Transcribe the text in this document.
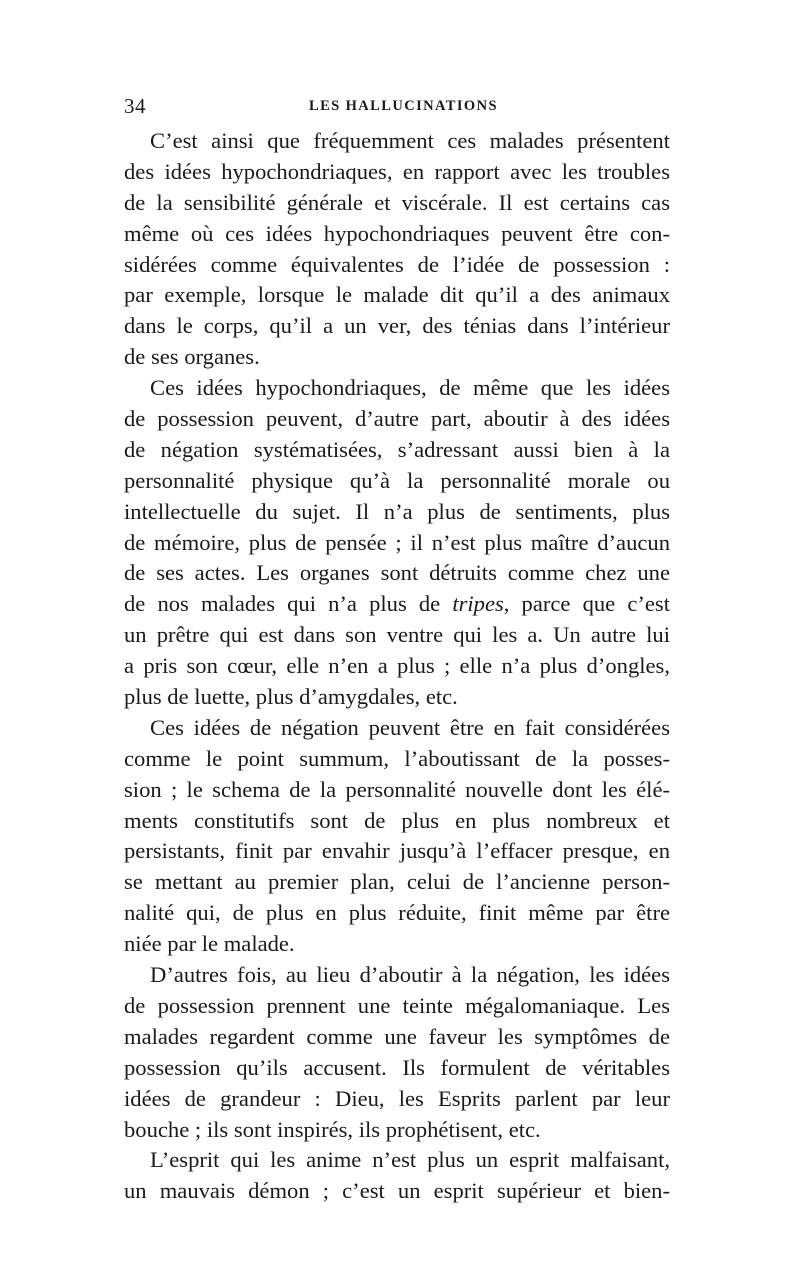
34	LES HALLUCINATIONS
C’est ainsi que fréquemment ces malades présentent
des idées hypochondriaques, en rapport avec les troubles
de la sensibilité générale et viscérale. Il est certains cas
même où ces idées hypochondriaques peuvent être con-
sidérées comme équivalentes de l’idée de possession :
par exemple, lorsque le malade dit qu’il a des animaux
dans le corps, qu’il a un ver, des ténias dans l’intérieur
de ses organes.
Ces idées hypochondriaques, de même que les idées
de possession peuvent, d’autre part, aboutir à des idées
de négation systématisées, s’adressant aussi bien à la
personnalité physique qu’à la personnalité morale ou
intellectuelle du sujet. Il n’a plus de sentiments, plus
de mémoire, plus de pensée ; il n’est plus maître d’aucun
de ses actes. Les organes sont détruits comme chez une
de nos malades qui n’a plus de tripes, parce que c’est
un prêtre qui est dans son ventre qui les a. Un autre lui
a pris son cœur, elle n’en a plus ; elle n’a plus d’ongles,
plus de luette, plus d’amygdales, etc.
Ces idées de négation peuvent être en fait considérées
comme le point summum, l’aboutissant de la posses-
sion ; le schema de la personnalité nouvelle dont les élé-
ments constitutifs sont de plus en plus nombreux et
persistants, finit par envahir jusqu’à l’effacer presque, en
se mettant au premier plan, celui de l’ancienne person-
nalité qui, de plus en plus réduite, finit même par être
niée par le malade.
D’autres fois, au lieu d’aboutir à la négation, les idées
de possession prennent une teinte mégalomaniaque. Les
malades regardent comme une faveur les symptômes de
possession qu’ils accusent. Ils formulent de véritables
idées de grandeur : Dieu, les Esprits parlent par leur
bouche ; ils sont inspirés, ils prophétisent, etc.
L’esprit qui les anime n’est plus un esprit malfaisant,
un mauvais démon ; c’est un esprit supérieur et bien-
